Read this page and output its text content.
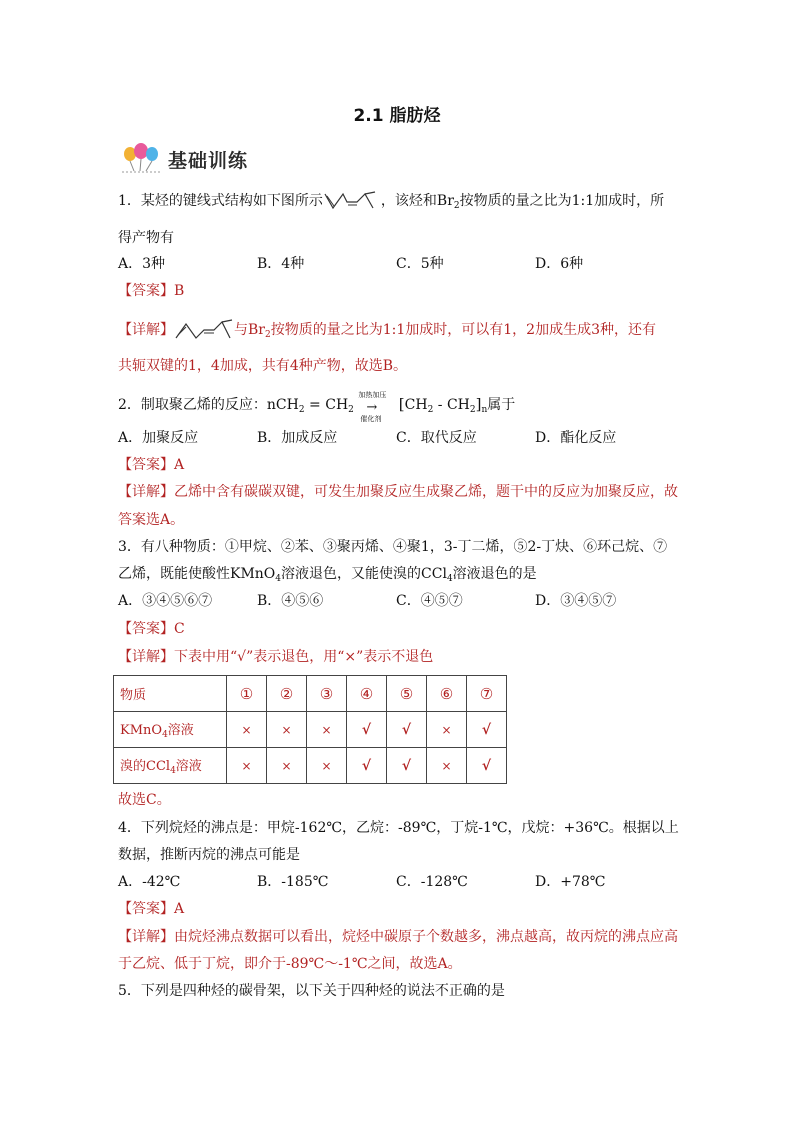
2.1 脂肪烃
基础训练
1．某烃的键线式结构如下图所示	，该烃和$Br_2$按物质的量之比为1:1加成时，所
得产物有
A．3种	B．4种	C．5种	D．6种
【答案】B
【详解】	与$Br_2$按物质的量之比为1:1加成时，可以有1，2加成生成3种，还有
共轭双键的1，4加成，共有4种产物，故选B。
2．制取聚乙烯的反应：$nCH_2 = CH_2$
加热加压
→
催化剂
$[CH_2 - CH_2]_n$属于
A．加聚反应	B．加成反应	C．取代反应	D．酯化反应
【答案】A
【详解】乙烯中含有碳碳双键，可发生加聚反应生成聚乙烯，题干中的反应为加聚反应，故
答案选A。
3．有八种物质：①甲烷、②苯、③聚丙烯、④聚1，3-丁二烯，⑤2-丁炔、⑥环己烷、⑦
乙烯，既能使酸性KMnO$_4$溶液退色，又能使溴的CCl$_4$溶液退色的是
A．③④⑤⑥⑦	B．④⑤⑥	C．④⑤⑦	D．③④⑤⑦
【答案】C
【详解】下表中用“√”表示退色，用“×”表示不退色
物质	①	②	③	④	⑤	⑥	⑦
KMnO$_4$溶液	×	×	×	√	√	×	√
溴的CCl$_4$溶液	×	×	×	√	√	×	√
故选C。
4．下列烷烃的沸点是：甲烷-162℃，乙烷：-89℃，丁烷-1℃，戊烷：+36℃。根据以上
数据，推断丙烷的沸点可能是
A．-42℃	B．-185℃	C．-128℃	D．+78℃
【答案】A
【详解】由烷烃沸点数据可以看出，烷烃中碳原子个数越多，沸点越高，故丙烷的沸点应高
于乙烷、低于丁烷，即介于-89℃～-1℃之间，故选A。
5．下列是四种烃的碳骨架，以下关于四种烃的说法不正确的是
